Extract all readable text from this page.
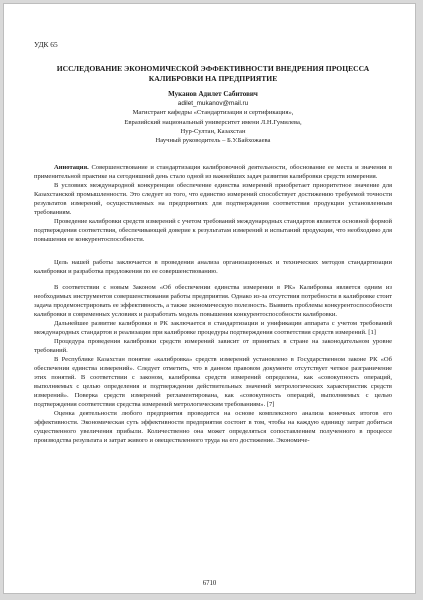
УДК 65
ИССЛЕДОВАНИЕ ЭКОНОМИЧЕСКОЙ ЭФФЕКТИВНОСТИ ВНЕДРЕНИЯ ПРОЦЕССА КАЛИБРОВКИ НА ПРЕДПРИЯТИЕ
Муканов Адилет Сабитович
adilet_mukanov@mail.ru
Магистрант кафедры «Стандартизация и сертификация»,
Евразийский национальный университет имени Л.Н.Гумилева,
Нур-Султан, Казахстан
Научный руководитель – Б.У.Байхожаева

Аннотация. Совершенствование и стандартизация калибровочной деятельности, обоснование ее места и значения в применительной практике на сегодняшний день стало одной из важнейших задач развития калибровки средств измерения.

В условиях международной конкуренции обеспечение единства измерений приобретает приоритетное значение для Казахстанской промышленности. Это следует из того, что единство измерений способствует достижению требуемой точности результатов измерений, осуществляемых на предприятиях для подтверждения соответствия продукции установленным требованиям.

Проведение калибровки средств измерений с учетом требований международных стандартов является основной формой подтверждения соответствия, обеспечивающей доверие к результатам измерений и испытаний продукции, что необходимо для повышения ее конкурентоспособности.

Цель нашей работы заключается в проведении анализа организационных и технических методов стандартизации калибровки и разработка предложения по ее совершенствованию.

В соответствии с новым Законом «Об обеспечении единства измерении в РК» Калибровка является одним из необходимых инструментов совершенствования работы предприятия. Однако из-за отсутствия потребности в калибровке стоит задача продемонстрировать ее эффективность, а также экономическую полезность. Выявить проблемы конкурентоспособности калибровки в современных условиях и разработать модель повышения конкурентоспособности калибровки.

Дальнейшее развитие калибровки в РК заключается в стандартизации и унификации аппарата с учетом требований международных стандартов и реализации при калибровке процедуры подтверждения соответствия средств измерений. [1]

Процедура проведения калибровки средств измерений зависит от принятых в стране на законодательном уровне требований.

В Республике Казахстан понятие «калибровка» средств измерений установлено в Государственном законе РК «Об обеспечении единства измерений». Следует отметить, что в данном правовом документе отсутствует четкое разграничение этих понятий. В соответствии с законом, калибровка средств измерений определена, как «совокупность операций, выполняемых с целью определения и подтверждения действительных значений метрологических характеристик средств измерений». Поверка средств измерений регламентирована, как «совокупность операций, выполняемых с целью подтверждения соответствия средства измерений метрологическим требованиям». [7]

Оценка деятельности любого предприятия проводится на основе комплексного анализа конечных итогов его эффективности. Экономическая суть эффективности предприятия состоит в том, чтобы на каждую единицу затрат добиться существенного увеличения прибыли. Количественно она может определяться сопоставлением полученного в процессе производства результата и затрат живого и овеществленного труда на его достижение. Экономиче-

6710
